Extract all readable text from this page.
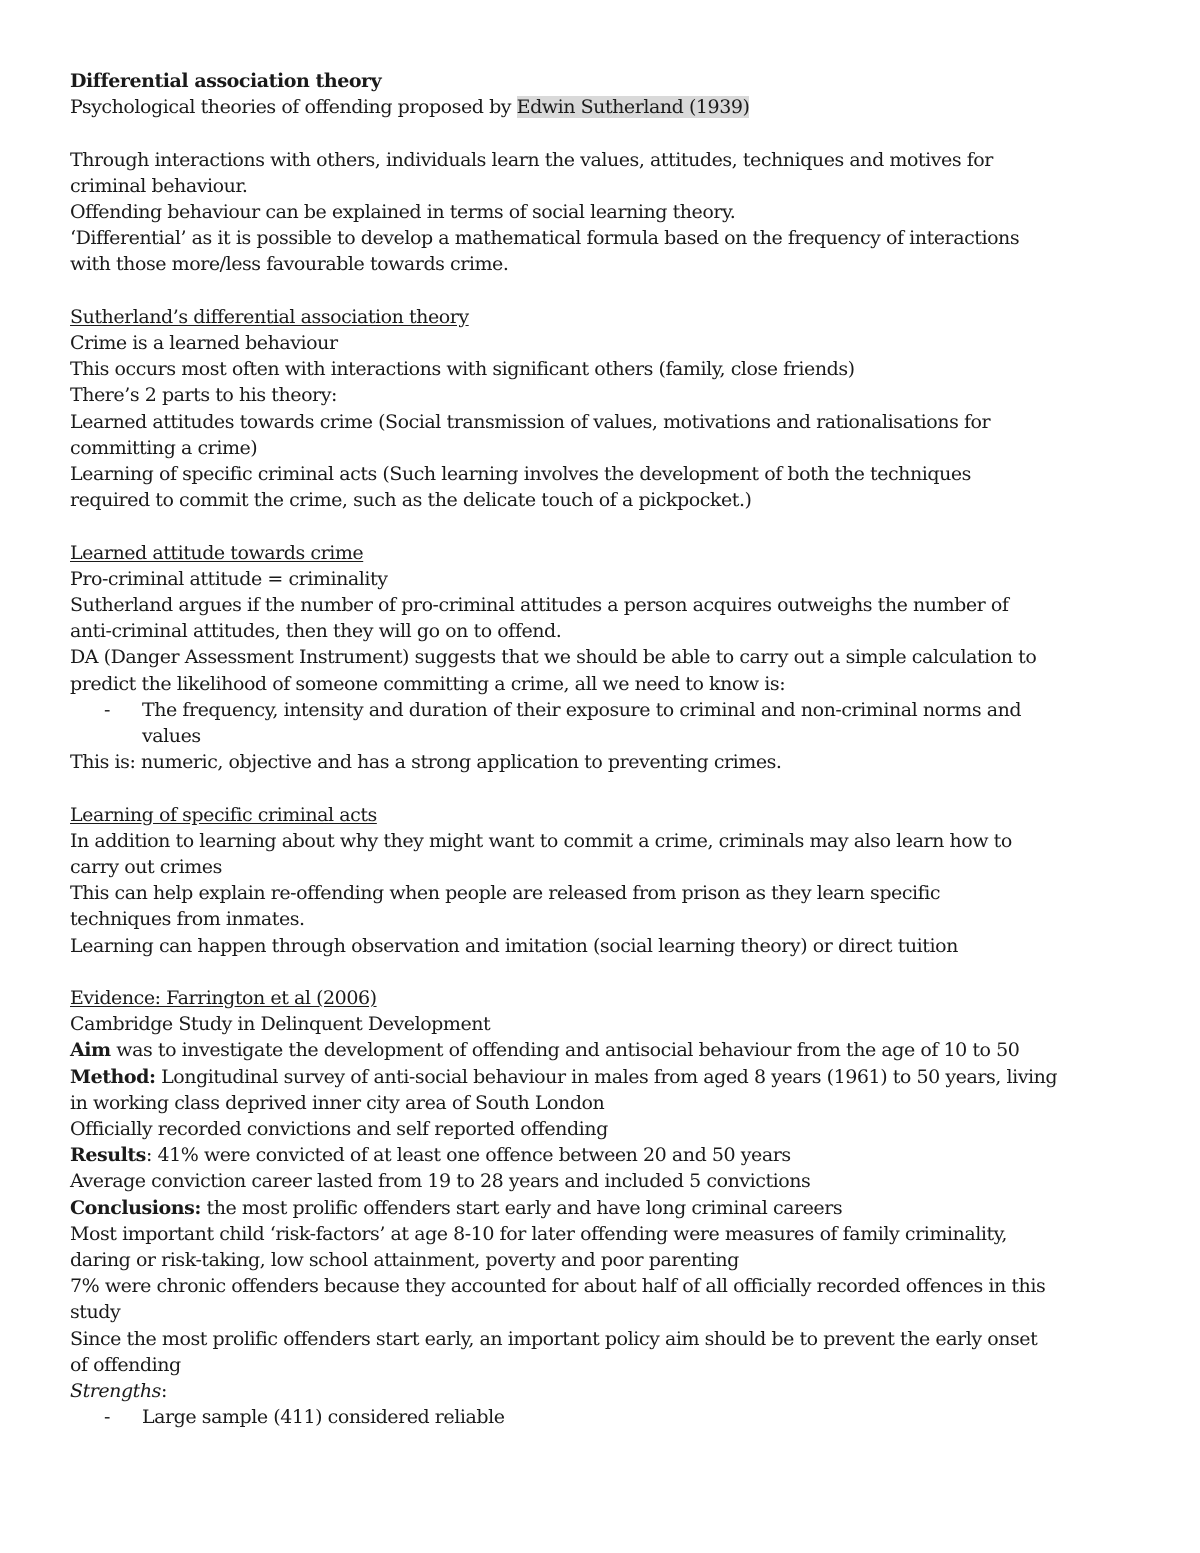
Differential association theory
Psychological theories of offending proposed by Edwin Sutherland (1939)
Through interactions with others, individuals learn the values, attitudes, techniques and motives for
criminal behaviour.
Offending behaviour can be explained in terms of social learning theory.
‘Differential’ as it is possible to develop a mathematical formula based on the frequency of interactions
with those more/less favourable towards crime.
Sutherland’s differential association theory
Crime is a learned behaviour
This occurs most often with interactions with significant others (family, close friends)
There’s 2 parts to his theory:
Learned attitudes towards crime (Social transmission of values, motivations and rationalisations for
committing a crime)
Learning of specific criminal acts (Such learning involves the development of both the techniques
required to commit the crime, such as the delicate touch of a pickpocket.)
Learned attitude towards crime
Pro-criminal attitude = criminality
Sutherland argues if the number of pro-criminal attitudes a person acquires outweighs the number of
anti-criminal attitudes, then they will go on to offend.
DA (Danger Assessment Instrument) suggests that we should be able to carry out a simple calculation to
predict the likelihood of someone committing a crime, all we need to know is:
-	The frequency, intensity and duration of their exposure to criminal and non-criminal norms and
values
This is: numeric, objective and has a strong application to preventing crimes.
Learning of specific criminal acts
In addition to learning about why they might want to commit a crime, criminals may also learn how to
carry out crimes
This can help explain re-offending when people are released from prison as they learn specific
techniques from inmates.
Learning can happen through observation and imitation (social learning theory) or direct tuition
Evidence: Farrington et al (2006)
Cambridge Study in Delinquent Development
Aim was to investigate the development of offending and antisocial behaviour from the age of 10 to 50
Method: Longitudinal survey of anti-social behaviour in males from aged 8 years (1961) to 50 years, living
in working class deprived inner city area of South London
Officially recorded convictions and self reported offending
Results: 41% were convicted of at least one offence between 20 and 50 years
Average conviction career lasted from 19 to 28 years and included 5 convictions
Conclusions: the most prolific offenders start early and have long criminal careers
Most important child ‘risk-factors’ at age 8-10 for later offending were measures of family criminality,
daring or risk-taking, low school attainment, poverty and poor parenting
7% were chronic offenders because they accounted for about half of all officially recorded offences in this
study
Since the most prolific offenders start early, an important policy aim should be to prevent the early onset
of offending
Strengths:
-	Large sample (411) considered reliable
